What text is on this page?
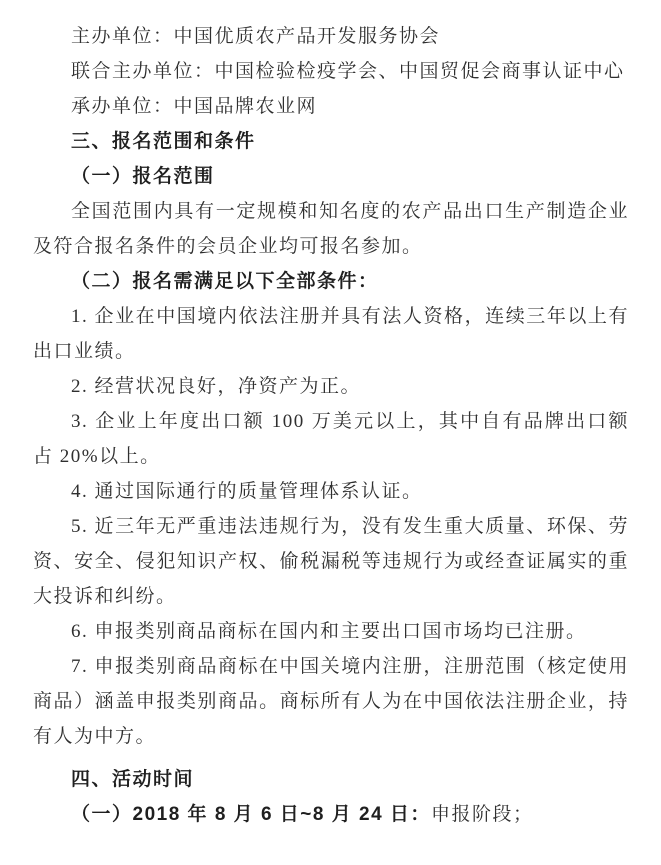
主办单位：中国优质农产品开发服务协会

联合主办单位：中国检验检疫学会、中国贸促会商事认证中心

承办单位：中国品牌农业网

三、报名范围和条件

（一）报名范围

全国范围内具有一定规模和知名度的农产品出口生产制造企业及符合报名条件的会员企业均可报名参加。

（二）报名需满足以下全部条件：

1. 企业在中国境内依法注册并具有法人资格，连续三年以上有出口业绩。

2. 经营状况良好，净资产为正。

3. 企业上年度出口额 100 万美元以上，其中自有品牌出口额占 20%以上。

4. 通过国际通行的质量管理体系认证。

5. 近三年无严重违法违规行为，没有发生重大质量、环保、劳资、安全、侵犯知识产权、偷税漏税等违规行为或经查证属实的重大投诉和纠纷。

6. 申报类别商品商标在国内和主要出口国市场均已注册。

7. 申报类别商品商标在中国关境内注册，注册范围（核定使用商品）涵盖申报类别商品。商标所有人为在中国依法注册企业，持有人为中方。

四、活动时间

（一）2018 年 8 月 6 日~8 月 24 日：申报阶段；
